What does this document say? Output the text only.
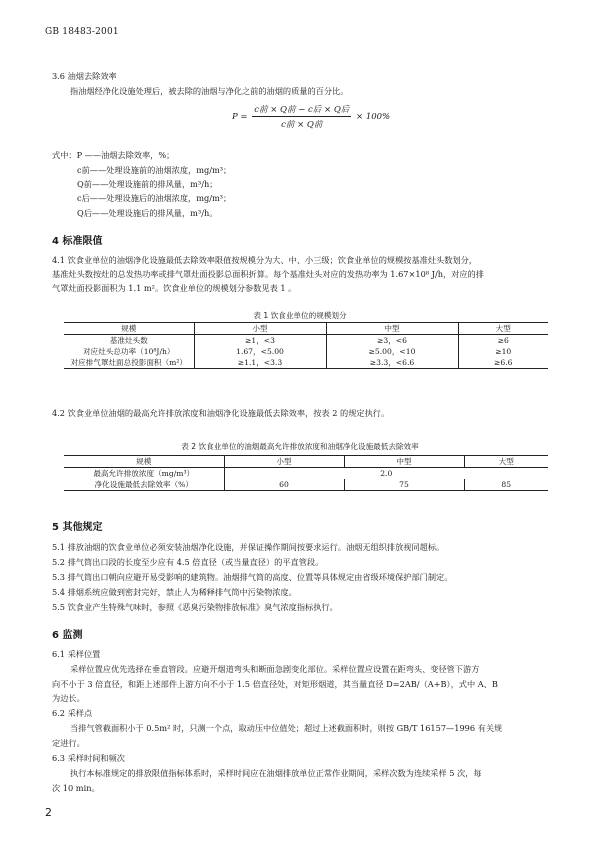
GB 18483-2001
3.6 油烟去除效率
指油烟经净化设施处理后，被去除的油烟与净化之前的油烟的质量的百分比。
$P = \frac{\text{c前 × Q前 − c后 × Q后}}{\text{c前 × Q前}} \times 100\%$
式中：P ——油烟去除效率，%；
c前——处理设施前的油烟浓度，mg/m³；
Q前——处理设施前的排风量，m³/h；
c后——处理设施后的油烟浓度，mg/m³；
Q后——处理设施后的排风量，m³/h。
4 标准限值
4.1 饮食业单位的油烟净化设施最低去除效率限值按规模分为大、中、小三级；饮食业单位的规模按基准灶头数划分，
基准灶头数按灶的总发热功率或排气罩灶面投影总面积折算。每个基准灶头对应的发热功率为 1.67×10⁸ J/h，对应的排
气罩灶面投影面积为 1.1 m²。饮食业单位的规模划分参数见表 1 。
表 1 饮食业单位的规模划分
规模	小型	中型	大型
基准灶头数	≥1，<3	≥3，<6	≥6
对应灶头总功率（10⁸J/h）	1.67，<5.00	≥5.00，<10	≥10
对应排气罩灶面总投影面积（m²）	≥1.1，<3.3	≥3.3，<6.6	≥6.6
4.2 饮食业单位油烟的最高允许排放浓度和油烟净化设施最低去除效率，按表 2 的规定执行。
表 2 饮食业单位的油烟最高允许排放浓度和油烟净化设施最低去除效率
规模	小型	中型	大型
最高允许排放浓度（mg/m³）	2.0		
净化设施最低去除效率（%）	60	75	85
5 其他规定
5.1 排放油烟的饮食业单位必须安装油烟净化设施，并保证操作期间按要求运行。油烟无组织排放视同超标。
5.2 排气筒出口段的长度至少应有 4.5 倍直径（或当量直径）的平直管段。
5.3 排气筒出口朝向应避开易受影响的建筑物。油烟排气筒的高度、位置等具体规定由省级环境保护部门制定。
5.4 排烟系统应做到密封完好，禁止人为稀释排气筒中污染物浓度。
5.5 饮食业产生特殊气味时，参照《恶臭污染物排放标准》臭气浓度指标执行。
6 监测
6.1 采样位置
采样位置应优先选择在垂直管段。应避开烟道弯头和断面急剧变化部位。采样位置应设置在距弯头、变径管下游方
向不小于 3 倍直径，和距上述部件上游方向不小于 1.5 倍直径处，对矩形烟道，其当量直径 D=2AB/（A+B），式中 A、B
为边长。
6.2 采样点
当排气管截面积小于 0.5m² 时，只测一个点，取动压中位值处；超过上述截面积时，则按 GB/T 16157—1996 有关规
定进行。
6.3 采样时间和频次
执行本标准规定的排放限值指标体系时，采样时间应在油烟排放单位正常作业期间，采样次数为连续采样 5 次，每
次 10 min。
2
